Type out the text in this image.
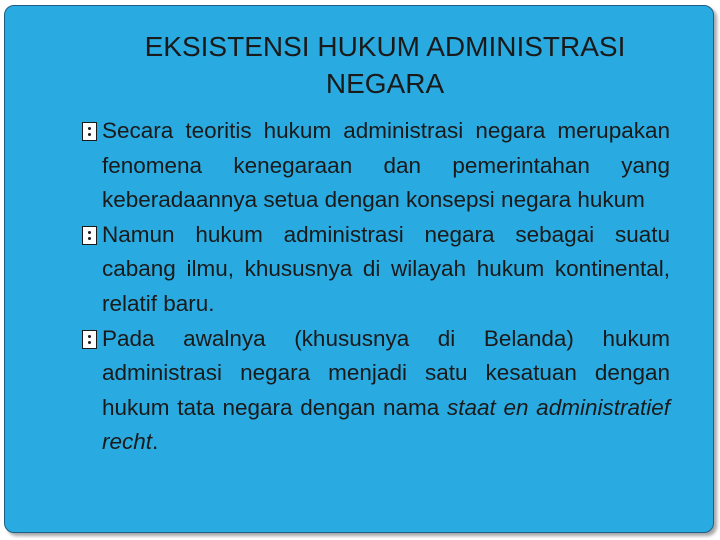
EKSISTENSI HUKUM ADMINISTRASI
NEGARA
Secara teoritis hukum administrasi negara merupakan fenomena kenegaraan dan pemerintahan yang keberadaannya setua dengan konsepsi negara hukum
Namun hukum administrasi negara sebagai suatu cabang ilmu, khususnya di wilayah hukum kontinental, relatif baru.
Pada awalnya (khususnya di Belanda) hukum administrasi negara menjadi satu kesatuan dengan hukum tata negara dengan nama staat en administratief recht.
